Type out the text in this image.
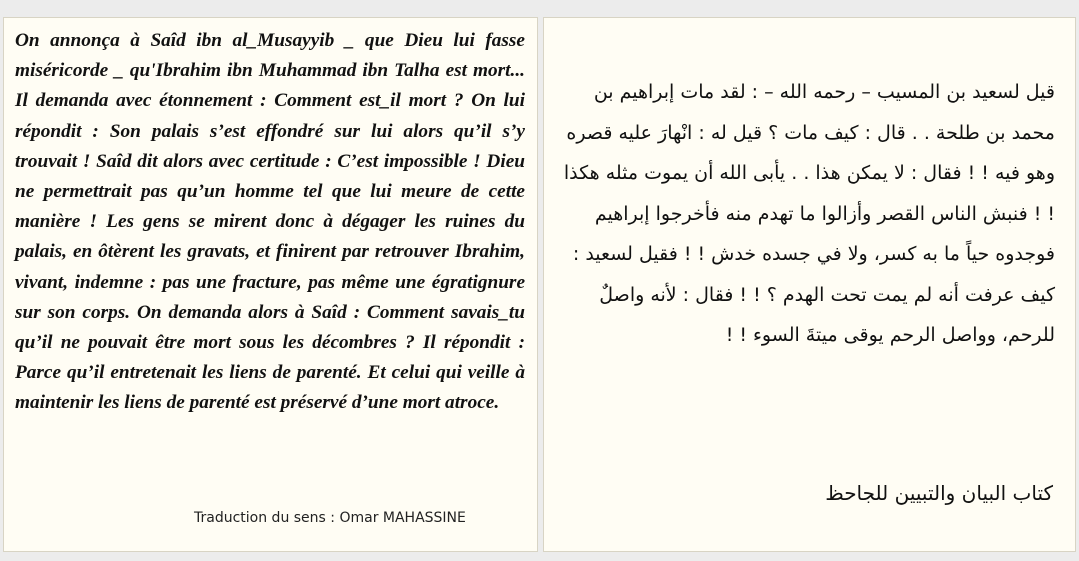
On annonça à Saîd ibn al_Musayyib _ que Dieu lui fasse miséricorde _ qu'Ibrahim ibn Muhammad ibn Talha est mort... Il demanda avec étonnement : Comment est_il mort ? On lui répondit : Son palais s’est effondré sur lui alors qu’il s’y trouvait ! Saîd dit alors avec certitude : C’est impossible ! Dieu ne permettrait pas qu’un homme tel que lui meure de cette manière ! Les gens se mirent donc à dégager les ruines du palais, en ôtèrent les gravats, et finirent par retrouver Ibrahim, vivant, indemne : pas une fracture, pas même une égratignure sur son corps. On demanda alors à Saîd : Comment savais_tu qu’il ne pouvait être mort sous les décombres ? Il répondit : Parce qu’il entretenait les liens de parenté. Et celui qui veille à maintenir les liens de parenté est préservé d’une mort atroce.

Traduction du sens : Omar MAHASSINE

قيل لسعيد بن المسيب – رحمه الله – : لقد مات إبراهيم بن محمد بن طلحة . . قال : كيف مات ؟ قيل له : انْهارَ عليه قصره وهو فيه ! ! فقال : لا يمكن هذا . . يأبى الله أن يموت مثله هكذا ! ! فنبش الناس القصر وأزالوا ما تهدم منه فأخرجوا إبراهيم فوجدوه حياً ما به كسر، ولا في جسده خدش ! ! فقيل لسعيد : كيف عرفت أنه لم يمت تحت الهدم ؟ ! ! فقال : لأنه واصلٌ للرحم، وواصل الرحم يوقى ميتةَ السوء ! !

كتاب البيان والتبيين للجاحظ
